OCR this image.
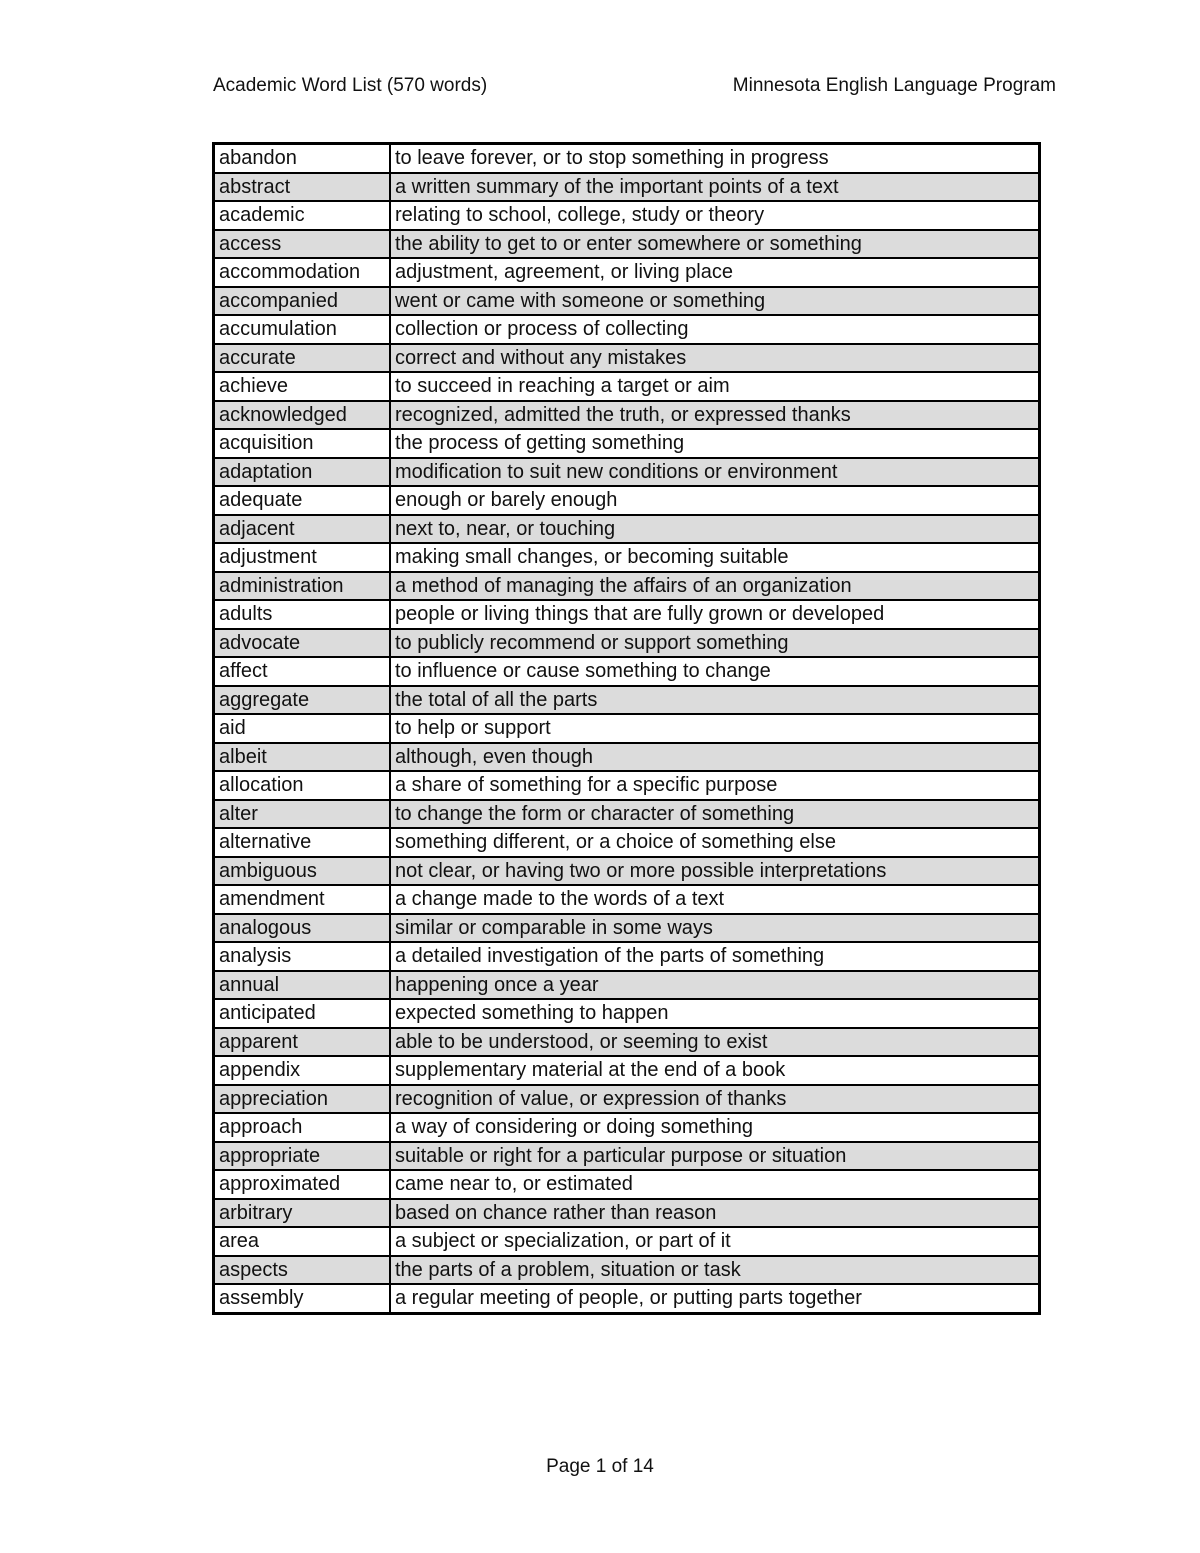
Academic Word List (570 words)	Minnesota English Language Program
abandon	to leave forever, or to stop something in progress
abstract	a written summary of the important points of a text
academic	relating to school, college, study or theory
access	the ability to get to or enter somewhere or something
accommodation	adjustment, agreement, or living place
accompanied	went or came with someone or something
accumulation	collection or process of collecting
accurate	correct and without any mistakes
achieve	to succeed in reaching a target or aim
acknowledged	recognized, admitted the truth, or expressed thanks
acquisition	the process of getting something
adaptation	modification to suit new conditions or environment
adequate	enough or barely enough
adjacent	next to, near, or touching
adjustment	making small changes, or becoming suitable
administration	a method of managing the affairs of an organization
adults	people or living things that are fully grown or developed
advocate	to publicly recommend or support something
affect	to influence or cause something to change
aggregate	the total of all the parts
aid	to help or support
albeit	although, even though
allocation	a share of something for a specific purpose
alter	to change the form or character of something
alternative	something different, or a choice of something else
ambiguous	not clear, or having two or more possible interpretations
amendment	a change made to the words of a text
analogous	similar or comparable in some ways
analysis	a detailed investigation of the parts of something
annual	happening once a year
anticipated	expected something to happen
apparent	able to be understood, or seeming to exist
appendix	supplementary material at the end of a book
appreciation	recognition of value, or expression of thanks
approach	a way of considering or doing something
appropriate	suitable or right for a particular purpose or situation
approximated	came near to, or estimated
arbitrary	based on chance rather than reason
area	a subject or specialization, or part of it
aspects	the parts of a problem, situation or task
assembly	a regular meeting of people, or putting parts together
Page 1 of 14
